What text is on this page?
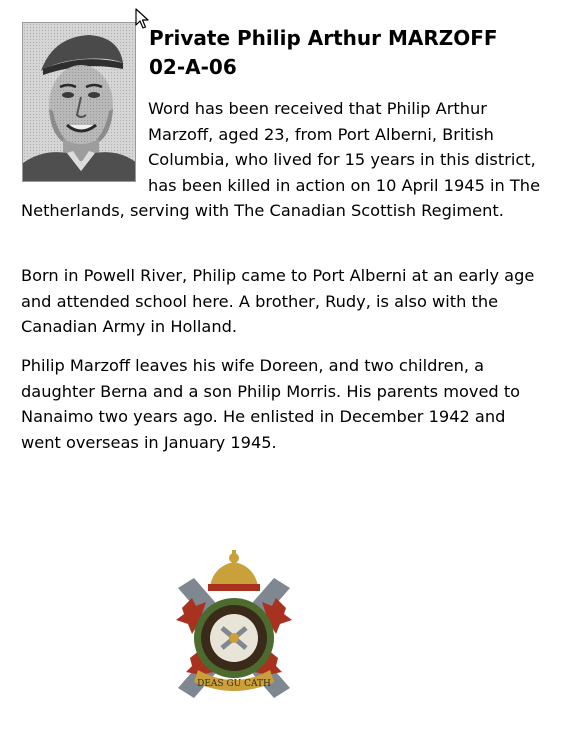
Private Philip Arthur MARZOFF
02-A-06

Word has been received that Philip Arthur Marzoff, aged 23, from Port Alberni, British Columbia, who lived for 15 years in this district, has been killed in action on 10 April 1945 in The Netherlands, serving with The Canadian Scottish Regiment.

Born in Powell River, Philip came to Port Alberni at an early age and attended school here. A brother, Rudy, is also with the Canadian Army in Holland.

Philip Marzoff leaves his wife Doreen, and two children, a daughter Berna and a son Philip Morris. His parents moved to Nanaimo two years ago. He enlisted in December 1942 and went overseas in January 1945.

DEAS GU CATH
